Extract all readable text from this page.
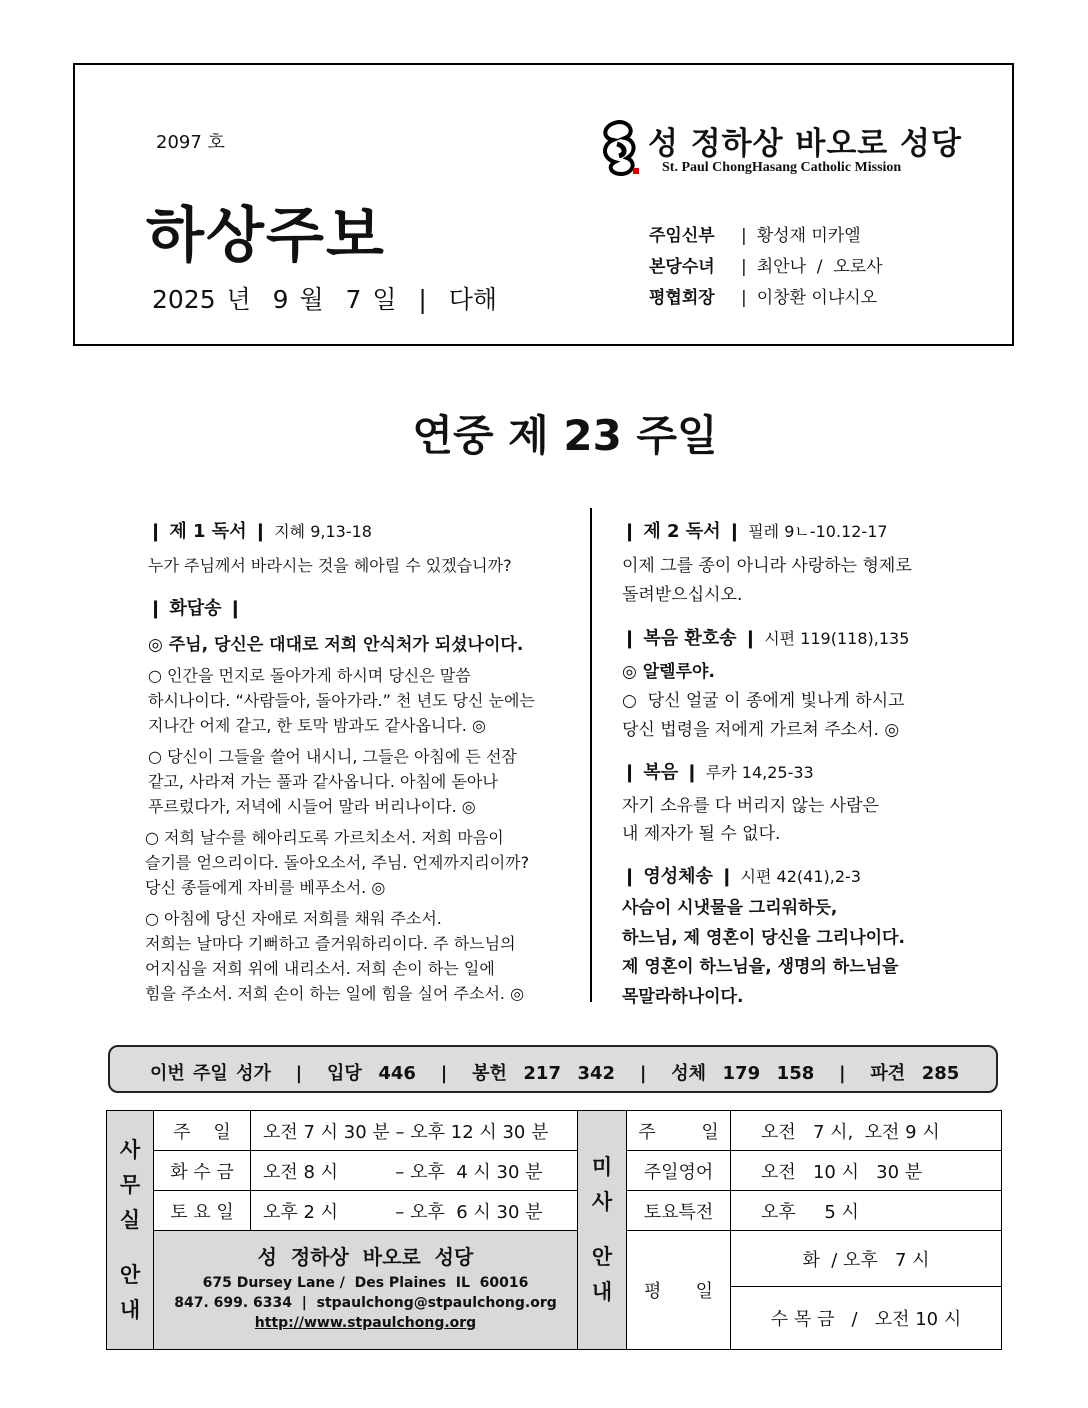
2097 호
하상주보
2025 년  9 월  7 일  |  다해
성 정하상 바오로 성당
St. Paul ChongHasang Catholic Mission
주임신부 | 황성재 미카엘
본당수녀 | 최안나  /  오로사
평협회장 | 이창환 이냐시오
연중 제 23 주일
❙ 제 1 독서 ❙ 지혜 9,13-18
누가 주님께서 바라시는 것을 헤아릴 수 있겠습니까?
❙ 화답송 ❙
◎ 주님, 당신은 대대로 저희 안식처가 되셨나이다.
○ 인간을 먼지로 돌아가게 하시며 당신은 말씀
하시나이다. “사람들아, 돌아가라.” 천 년도 당신 눈에는
지나간 어제 같고, 한 토막 밤과도 같사옵니다. ◎
○ 당신이 그들을 쓸어 내시니, 그들은 아침에 든 선잠
같고, 사라져 가는 풀과 같사옵니다. 아침에 돋아나
푸르렀다가, 저녁에 시들어 말라 버리나이다. ◎
○ 저희 날수를 헤아리도록 가르치소서. 저희 마음이
슬기를 얻으리이다. 돌아오소서, 주님. 언제까지리이까?
당신 종들에게 자비를 베푸소서. ◎
○ 아침에 당신 자애로 저희를 채워 주소서.
저희는 날마다 기뻐하고 즐거워하리이다. 주 하느님의
어지심을 저희 위에 내리소서. 저희 손이 하는 일에
힘을 주소서. 저희 손이 하는 일에 힘을 실어 주소서. ◎
❙ 제 2 독서 ❙ 필레 9ㄴ-10.12-17
이제 그를 종이 아니라 사랑하는 형제로
돌려받으십시오.
❙ 복음 환호송 ❙ 시편 119(118),135
◎ 알렐루야.
○  당신 얼굴 이 종에게 빛나게 하시고
당신 법령을 저에게 가르쳐 주소서. ◎
❙ 복음 ❙ 루카 14,25-33
자기 소유를 다 버리지 않는 사람은
내 제자가 될 수 없다.
❙ 영성체송 ❙ 시편 42(41),2-3
사슴이 시냇물을 그리워하듯,
하느님, 제 영혼이 당신을 그리나이다.
제 영혼이 하느님을, 생명의 하느님을
목말라하나이다.
이번 주일 성가   |   입당  446   |   봉헌  217  342   |   성체  179  158   |   파견  285
사
무
실
안
내
주    일	오전 7 시 30 분 – 오후 12 시 30 분
화 수 금	오전 8 시          – 오후  4 시 30 분
토 요 일	오후 2 시          – 오후  6 시 30 분
성  정하상  바오로  성당
675 Dursey Lane /  Des Plaines  IL  60016
847. 699. 6334  |  stpaulchong@stpaulchong.org
http://www.stpaulchong.org
미
사
안
내
주        일	오전   7 시,  오전 9 시
주일영어	오전   10 시   30 분
토요특전	오후     5 시
평      일
화  / 오후   7 시
수 목 금   /   오전 10 시
